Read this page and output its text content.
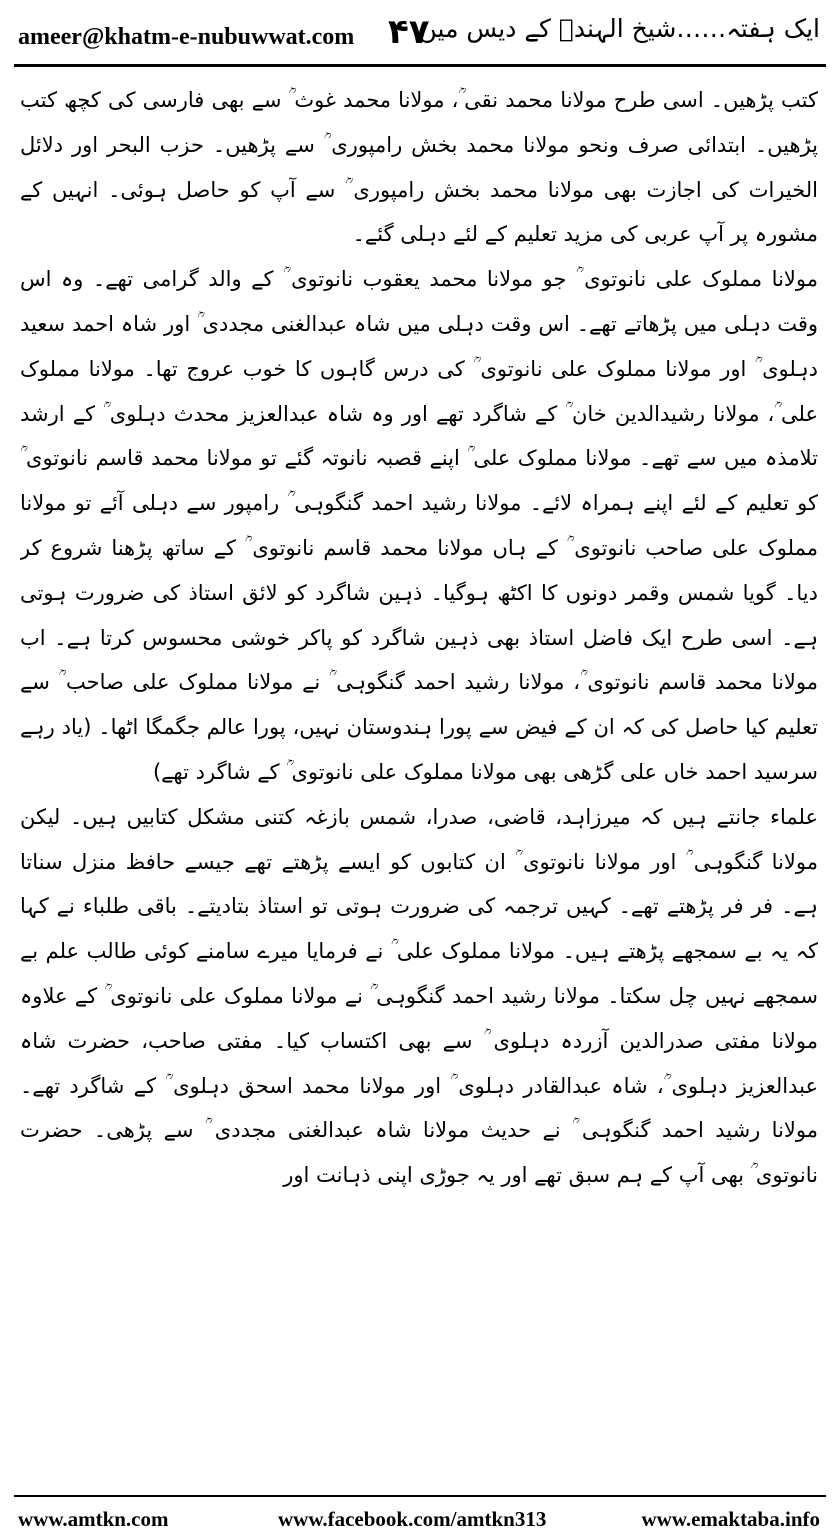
ameer@khatm-e-nubuwwat.com ۴۷
ایک ہفتہ……شیخ الہندؒ کے دیس میں

کتب پڑھیں۔ اسی طرح مولانا محمد نقی ؒ، مولانا محمد غوث ؒ سے بھی فارسی کی کچھ کتب پڑھیں۔ ابتدائی صرف ونحو مولانا محمد بخش رامپوری ؒ سے پڑھیں۔ حزب البحر اور دلائل الخیرات کی اجازت بھی مولانا محمد بخش رامپوری ؒ سے آپ کو حاصل ہوئی۔ انہیں کے مشورہ پر آپ عربی کی مزید تعلیم کے لئے دہلی گئے۔

مولانا مملوک علی نانوتوی ؒ جو مولانا محمد یعقوب نانوتوی ؒ کے والد گرامی تھے۔ وہ اس وقت دہلی میں پڑھاتے تھے۔ اس وقت دہلی میں شاہ عبدالغنی مجددی ؒ اور شاہ احمد سعید دہلوی ؒ اور مولانا مملوک علی نانوتوی ؒ کی درس گاہوں کا خوب عروج تھا۔ مولانا مملوک علی ؒ، مولانا رشیدالدین خان ؒ کے شاگرد تھے اور وہ شاہ عبدالعزیز محدث دہلوی ؒ کے ارشد تلامذہ میں سے تھے۔ مولانا مملوک علی ؒ اپنے قصبہ نانوتہ گئے تو مولانا محمد قاسم نانوتوی ؒ کو تعلیم کے لئے اپنے ہمراہ لائے۔ مولانا رشید احمد گنگوہی ؒ رامپور سے دہلی آئے تو مولانا مملوک علی صاحب نانوتوی ؒ کے ہاں مولانا محمد قاسم نانوتوی ؒ کے ساتھ پڑھنا شروع کر دیا۔ گویا شمس وقمر دونوں کا اکٹھ ہوگیا۔ ذہین شاگرد کو لائق استاذ کی ضرورت ہوتی ہے۔ اسی طرح ایک فاضل استاذ بھی ذہین شاگرد کو پاکر خوشی محسوس کرتا ہے۔ اب مولانا محمد قاسم نانوتوی ؒ، مولانا رشید احمد گنگوہی ؒ نے مولانا مملوک علی صاحب ؒ سے تعلیم کیا حاصل کی کہ ان کے فیض سے پورا ہندوستان نہیں، پورا عالم جگمگا اٹھا۔ (یاد رہے سرسید احمد خاں علی گڑھی بھی مولانا مملوک علی نانوتوی ؒ کے شاگرد تھے)

علماء جانتے ہیں کہ میرزاہد، قاضی، صدرا، شمس بازغہ کتنی مشکل کتابیں ہیں۔ لیکن مولانا گنگوہی ؒ اور مولانا نانوتوی ؒ ان کتابوں کو ایسے پڑھتے تھے جیسے حافظ منزل سناتا ہے۔ فر فر پڑھتے تھے۔ کہیں ترجمہ کی ضرورت ہوتی تو استاذ بتادیتے۔ باقی طلباء نے کہا کہ یہ بے سمجھے پڑھتے ہیں۔ مولانا مملوک علی ؒ نے فرمایا میرے سامنے کوئی طالب علم بے سمجھے نہیں چل سکتا۔ مولانا رشید احمد گنگوہی ؒ نے مولانا مملوک علی نانوتوی ؒ کے علاوہ مولانا مفتی صدرالدین آزردہ دہلوی ؒ سے بھی اکتساب کیا۔ مفتی صاحب، حضرت شاہ عبدالعزیز دہلوی ؒ، شاہ عبدالقادر دہلوی ؒ اور مولانا محمد اسحق دہلوی ؒ کے شاگرد تھے۔ مولانا رشید احمد گنگوہی ؒ نے حدیث مولانا شاہ عبدالغنی مجددی ؒ سے پڑھی۔ حضرت نانوتوی ؒ بھی آپ کے ہم سبق تھے اور یہ جوڑی اپنی ذہانت اور

www.amtkn.com	www.facebook.com/amtkn313	www.emaktaba.info
